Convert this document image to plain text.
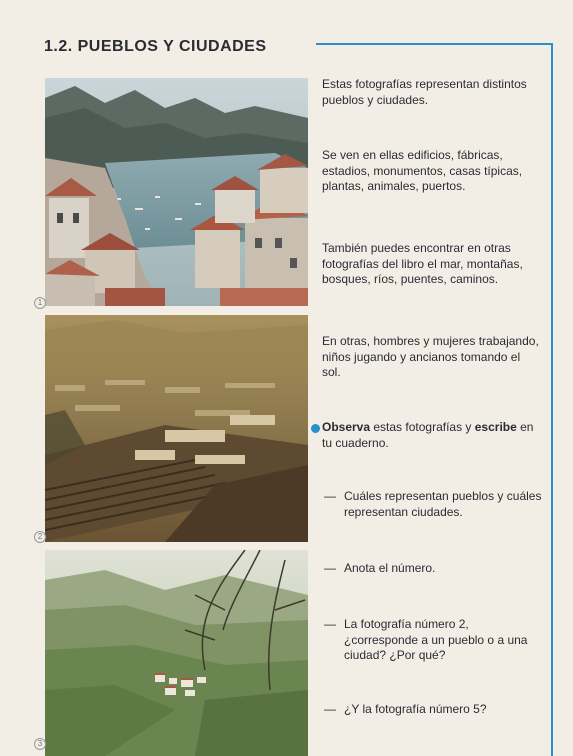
1.2. PUEBLOS Y CIUDADES
1
2
3

Estas fotografías representan distintos pueblos y ciudades.

Se ven en ellas edificios, fábricas, estadios, monumentos, casas típicas, plantas, animales, puertos.

También puedes encontrar en otras fotografías del libro el mar, montañas, bosques, ríos, puentes, caminos.

En otras, hombres y mujeres trabajando, niños jugando y ancianos tomando el sol.

Observa estas fotografías y escribe en tu cuaderno.

— Cuáles representan pueblos y cuáles representan ciudades.
— Anota el número.
— La fotografía número 2, ¿corresponde a un pueblo o a una ciudad? ¿Por qué?
— ¿Y la fotografía número 5?
